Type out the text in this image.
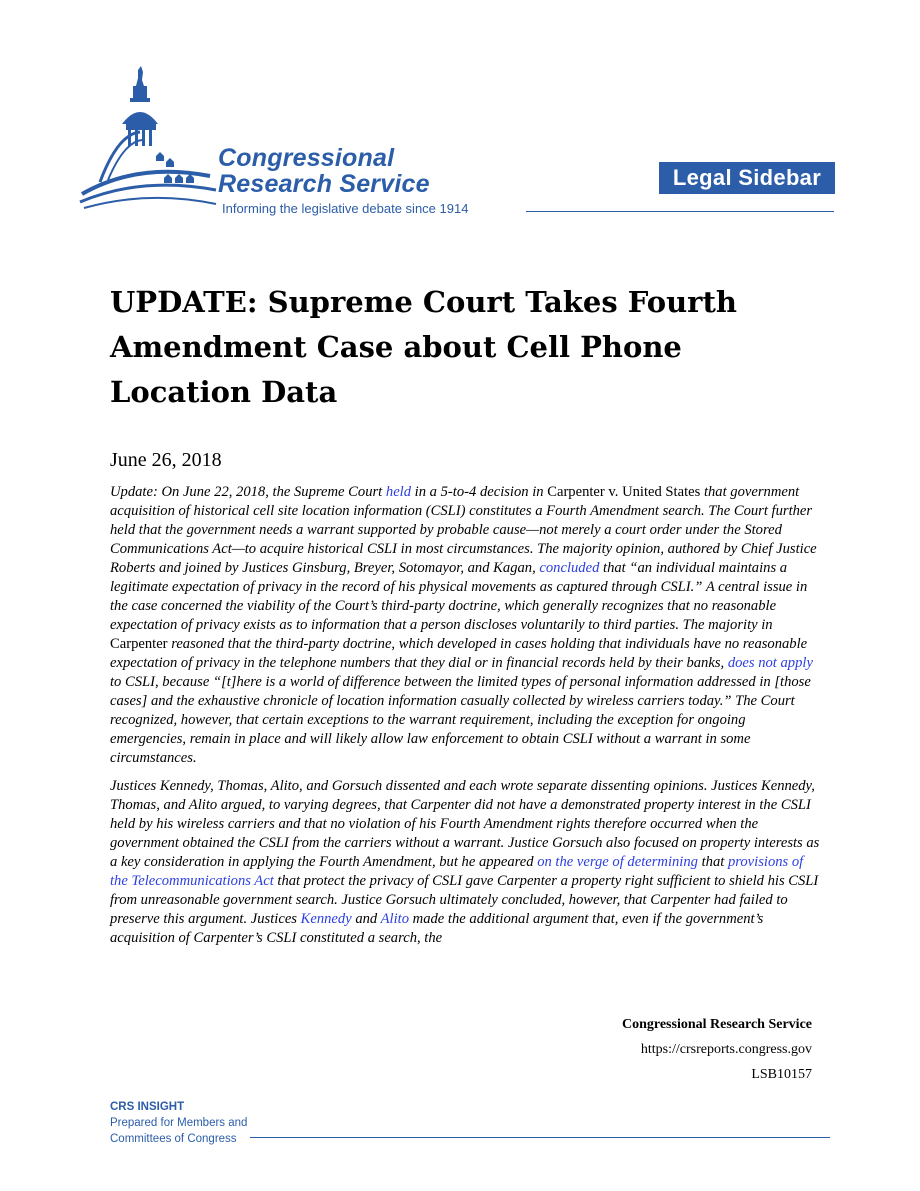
Congressional
Research Service
Informing the legislative debate since 1914
Legal Sidebar
UPDATE: Supreme Court Takes Fourth Amendment Case about Cell Phone Location Data
June 26, 2018

Update: On June 22, 2018, the Supreme Court held in a 5-to-4 decision in Carpenter v. United States that government acquisition of historical cell site location information (CSLI) constitutes a Fourth Amendment search. The Court further held that the government needs a warrant supported by probable cause—not merely a court order under the Stored Communications Act—to acquire historical CSLI in most circumstances. The majority opinion, authored by Chief Justice Roberts and joined by Justices Ginsburg, Breyer, Sotomayor, and Kagan, concluded that “an individual maintains a legitimate expectation of privacy in the record of his physical movements as captured through CSLI.” A central issue in the case concerned the viability of the Court’s third-party doctrine, which generally recognizes that no reasonable expectation of privacy exists as to information that a person discloses voluntarily to third parties. The majority in Carpenter reasoned that the third-party doctrine, which developed in cases holding that individuals have no reasonable expectation of privacy in the telephone numbers that they dial or in financial records held by their banks, does not apply to CSLI, because “[t]here is a world of difference between the limited types of personal information addressed in [those cases] and the exhaustive chronicle of location information casually collected by wireless carriers today.” The Court recognized, however, that certain exceptions to the warrant requirement, including the exception for ongoing emergencies, remain in place and will likely allow law enforcement to obtain CSLI without a warrant in some circumstances.

Justices Kennedy, Thomas, Alito, and Gorsuch dissented and each wrote separate dissenting opinions. Justices Kennedy, Thomas, and Alito argued, to varying degrees, that Carpenter did not have a demonstrated property interest in the CSLI held by his wireless carriers and that no violation of his Fourth Amendment rights therefore occurred when the government obtained the CSLI from the carriers without a warrant. Justice Gorsuch also focused on property interests as a key consideration in applying the Fourth Amendment, but he appeared on the verge of determining that provisions of the Telecommunications Act that protect the privacy of CSLI gave Carpenter a property right sufficient to shield his CSLI from unreasonable government search. Justice Gorsuch ultimately concluded, however, that Carpenter had failed to preserve this argument. Justices Kennedy and Alito made the additional argument that, even if the government’s acquisition of Carpenter’s CSLI constituted a search, the

Congressional Research Service
https://crsreports.congress.gov
LSB10157
CRS INSIGHT
Prepared for Members and
Committees of Congress
